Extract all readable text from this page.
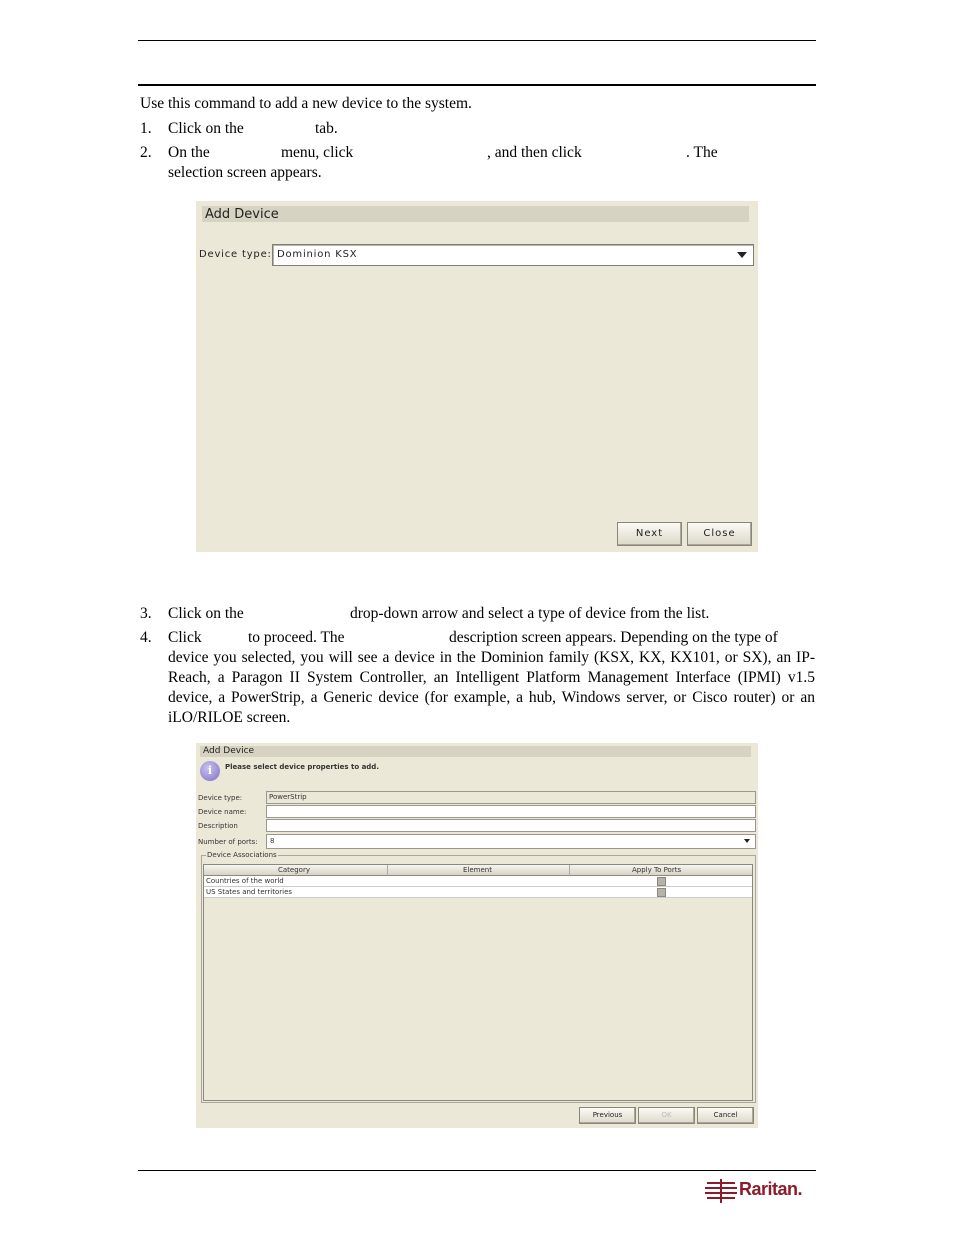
Use this command to add a new device to the system.
1. Click on the	tab.
2. On the	menu, click	, and then click	. The
selection screen appears.
Add Device
Device type: Dominion KSX
Next	Close
3. Click on the	drop-down arrow and select a type of device from the list.
4. Click	to proceed. The	description screen appears. Depending on the type of
device you selected, you will see a device in the Dominion family (KSX, KX, KX101, or SX), an IP-Reach, a Paragon II System Controller, an Intelligent Platform Management Interface (IPMI) v1.5 device, a PowerStrip, a Generic device (for example, a hub, Windows server, or Cisco router) or an iLO/RILOE screen.
Add Device
i	Please select device properties to add.
Device type:	PowerStrip
Device name:
Description
Number of ports: 8
Device Associations
Category	Element	Apply To Ports
Countries of the world
US States and territories
Previous	OK	Cancel
Raritan.
